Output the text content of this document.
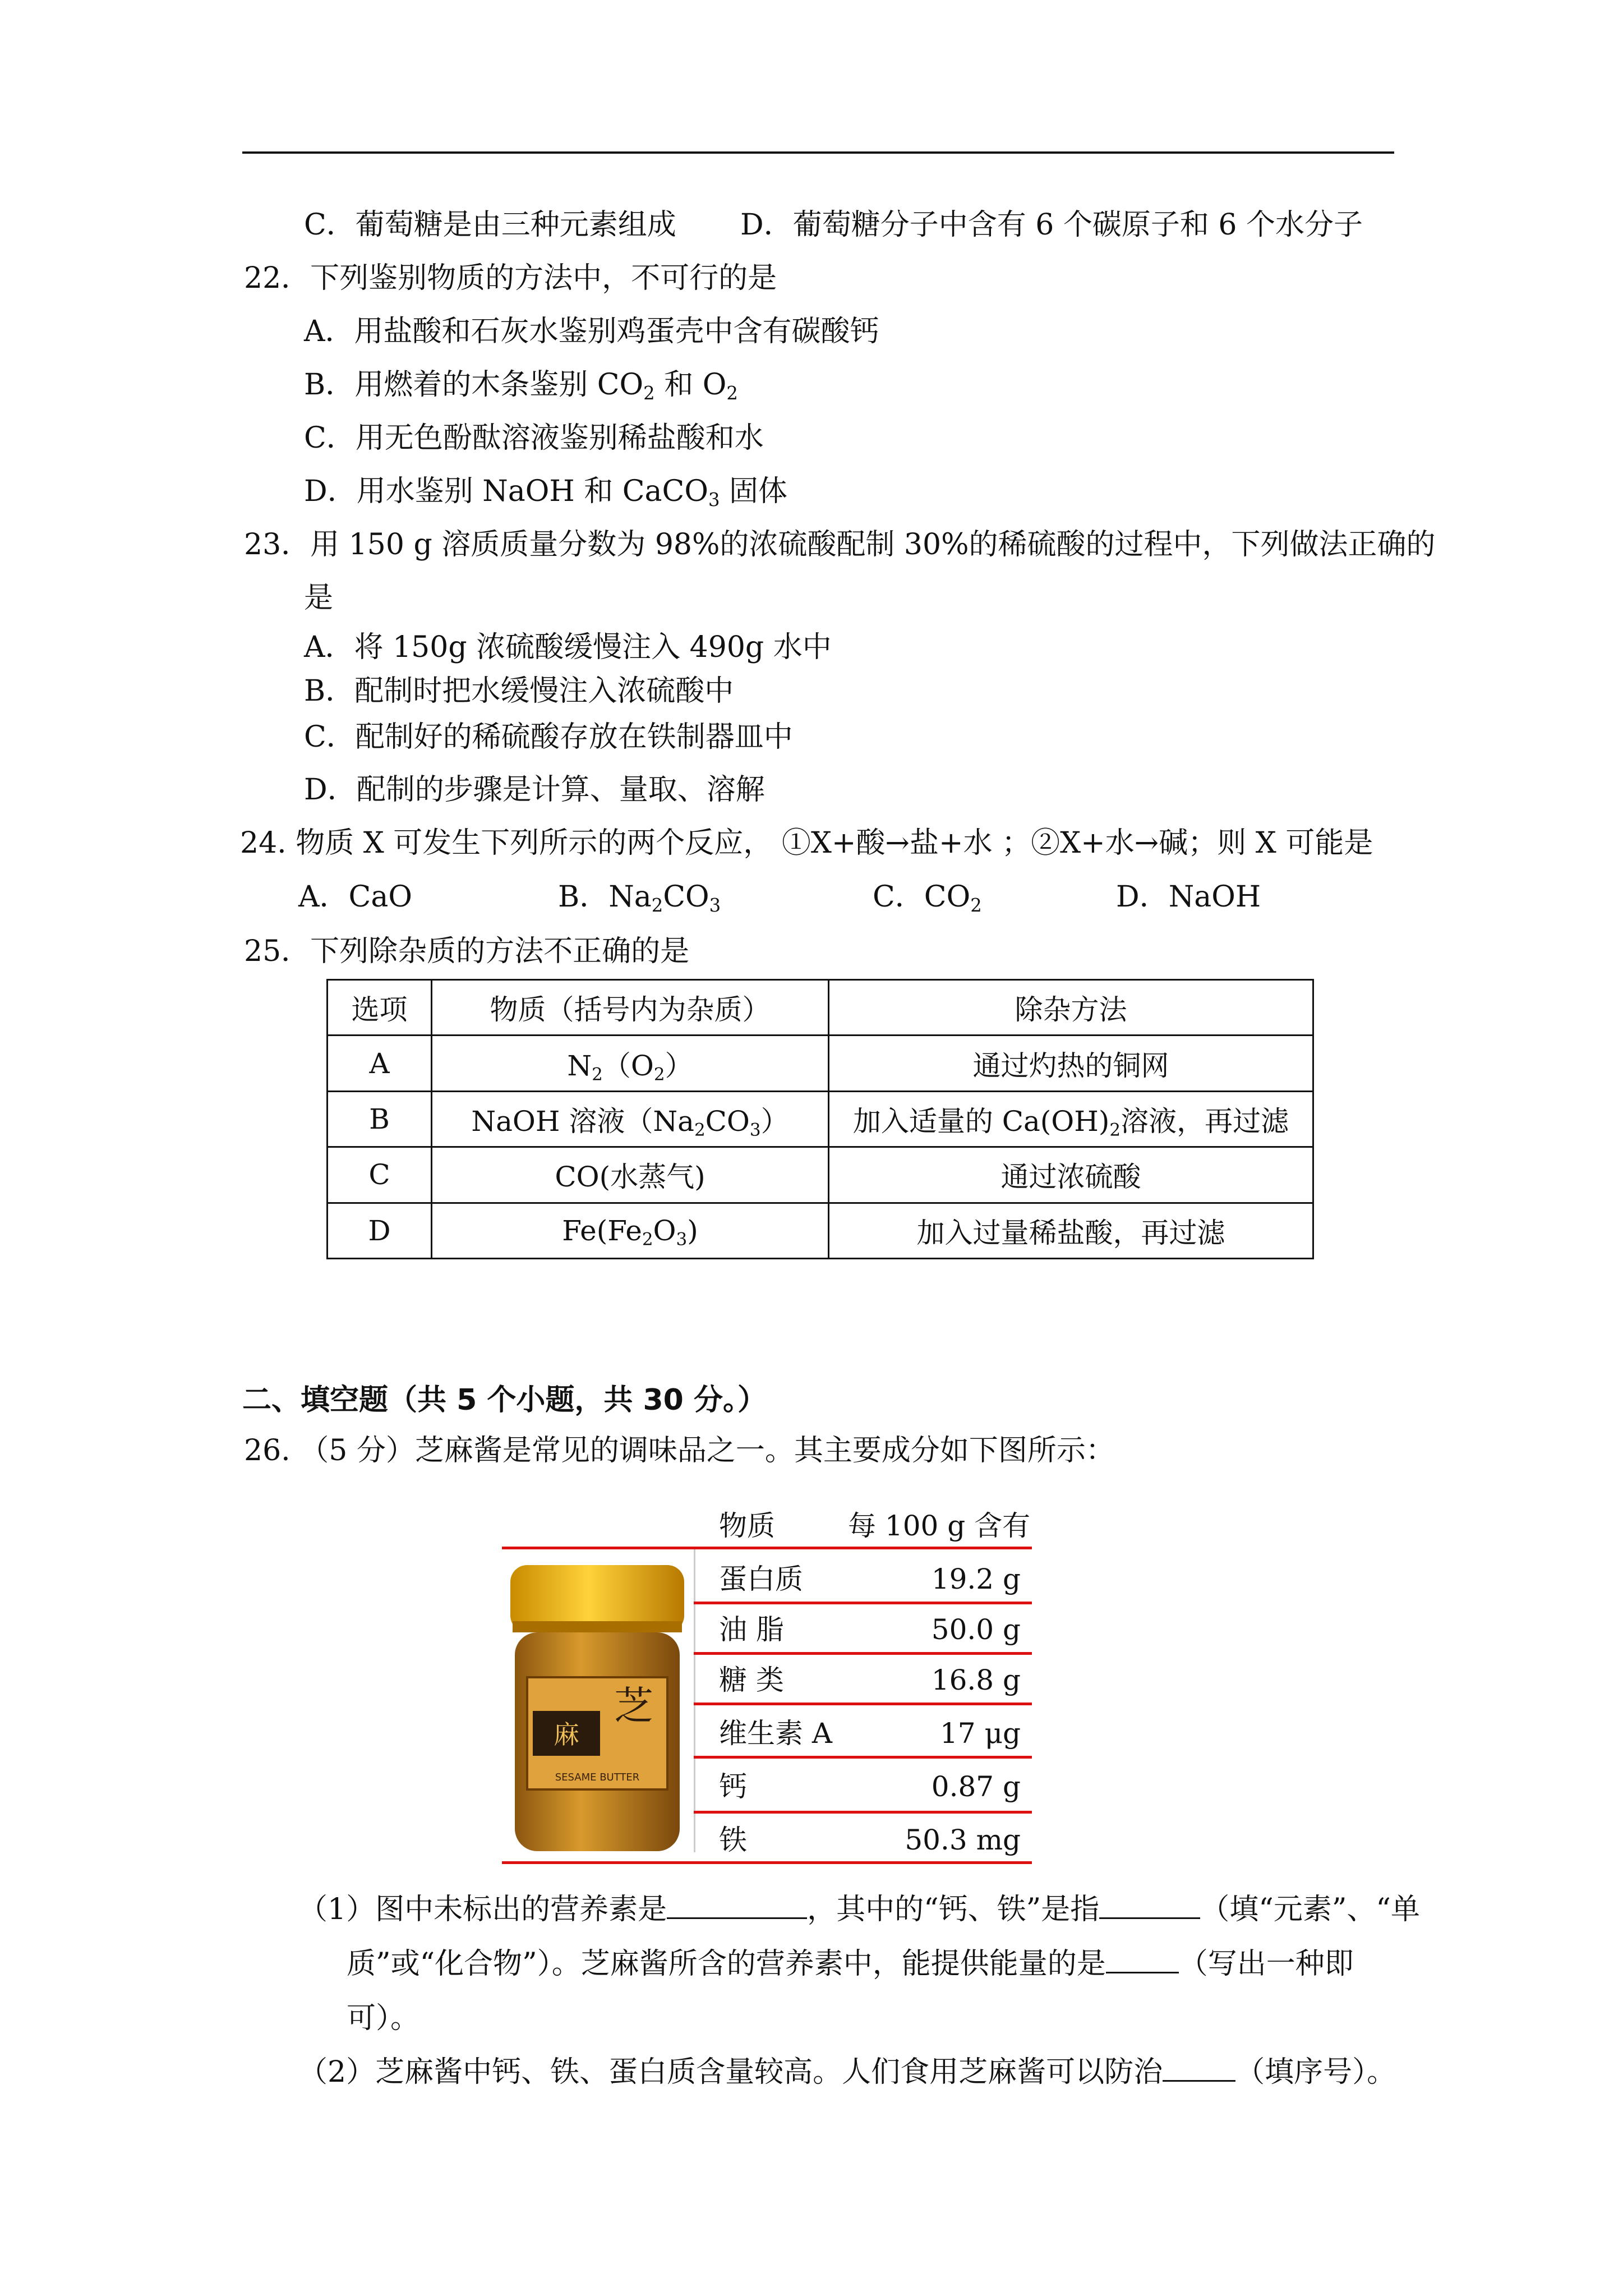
C．葡萄糖是由三种元素组成 D．葡萄糖分子中含有 6 个碳原子和 6 个水分子
22．下列鉴别物质的方法中，不可行的是
A．用盐酸和石灰水鉴别鸡蛋壳中含有碳酸钙
B．用燃着的木条鉴别 $CO_2$ 和 $O_2$
C．用无色酚酞溶液鉴别稀盐酸和水
D．用水鉴别 NaOH 和 CaCO$_3$ 固体
23．用 150 g 溶质质量分数为 98%的浓硫酸配制 30%的稀硫酸的过程中，下列做法正确的
是
A．将 150g 浓硫酸缓慢注入 490g 水中
B．配制时把水缓慢注入浓硫酸中
C．配制好的稀硫酸存放在铁制器皿中
D．配制的步骤是计算、量取、溶解
24. 物质 X 可发生下列所示的两个反应， ①X+酸→盐+水 ；②X+水→碱；则 X 可能是
A．CaO	B．$Na_2CO_3$	C．$CO_2$	D．NaOH
25．下列除杂质的方法不正确的是
选项	物质（括号内为杂质）	除杂方法
A	$N_2(O_2)$	通过灼热的铜网
B	NaOH 溶液$(Na_2CO_3)$	加入适量的 $Ca(OH)_2$溶液，再过滤
C	CO(水蒸气)	通过浓硫酸
D	$Fe(Fe_2O_3)$	加入过量稀盐酸，再过滤
二、填空题（共 5 个小题，共 30 分。）
26. （5 分）芝麻酱是常见的调味品之一。其主要成分如下图所示：
芝
麻
SESAME BUTTER
物质	每 100 g 含有
蛋白质	19.2 g
油 脂	50.0 g
糖 类	16.8 g
维生素 A	17 μg
钙	0.87 g
铁	50.3 mg
（1）图中未标出的营养素是	，其中的“钙、铁”是指	（填“元素”、“单
质”或“化合物”）。芝麻酱所含的营养素中，能提供能量的是	（写出一种即
可）。
（2）芝麻酱中钙、铁、蛋白质含量较高。人们食用芝麻酱可以防治	（填序号）。
